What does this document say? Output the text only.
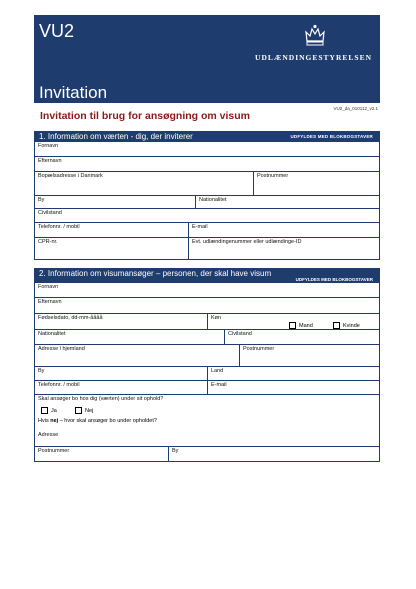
VU2
UDLÆNDINGESTYRELSEN
Invitation
Invitation til brug for ansøgning om visum
VU2_da_010112_v2.1
1. Information om værten - dig, der inviterer	UDFYLDES MED BLOKBOGSTAVER
Fornavn
Efternavn
Bopælsadresse i Danmark	Postnummer
By	Nationalitet
Civilstand
Telefonnr. / mobil	E-mail
CPR-nr.	Evt. udlændingenummer eller udlændinge-ID
2. Information om visumansøger – personen, der skal have visum
UDFYLDES MED BLOKBOGSTAVER
Fornavn
Efternavn
Fødselsdato, dd-mm-åååå	Køn
Mand	Kvinde
Nationalitet	Civilstand
Adresse i hjemland	Postnummer
By	Land
Telefonnr. / mobil	E-mail
Skal ansøger bo hos dig (værten) under sit ophold?
Ja	Nej
Hvis nej – hvor skal ansøger bo under opholdet?
Adresse
Postnummer	By
